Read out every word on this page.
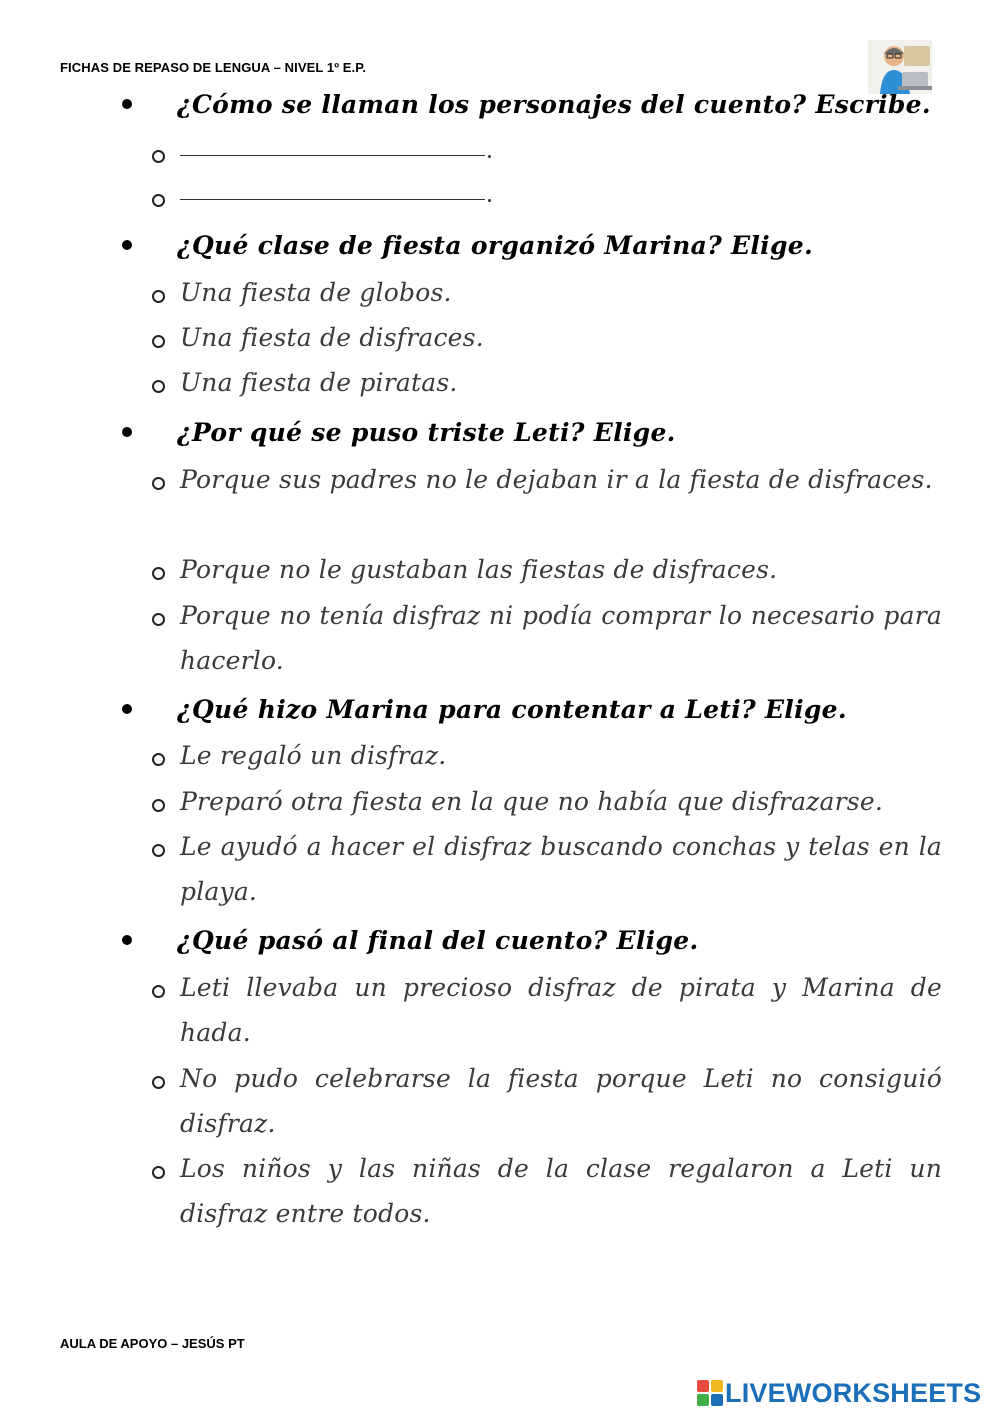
FICHAS DE REPASO DE LENGUA – NIVEL 1º E.P.
¿Cómo se llaman los personajes del cuento? Escribe.
¿Qué clase de fiesta organizó Marina? Elige.
Una fiesta de globos.
Una fiesta de disfraces.
Una fiesta de piratas.
¿Por qué se puso triste Leti? Elige.
Porque sus padres no le dejaban ir a la fiesta de disfraces.
Porque no le gustaban las fiestas de disfraces.
Porque no tenía disfraz ni podía comprar lo necesario para hacerlo.
¿Qué hizo Marina para contentar a Leti? Elige.
Le regaló un disfraz.
Preparó otra fiesta en la que no había que disfrazarse.
Le ayudó a hacer el disfraz buscando conchas y telas en la playa.
¿Qué pasó al final del cuento? Elige.
Leti llevaba un precioso disfraz de pirata y Marina de hada.
No pudo celebrarse la fiesta porque Leti no consiguió disfraz.
Los niños y las niñas de la clase regalaron a Leti un disfraz entre todos.
AULA DE APOYO – JESÚS PT
LIVEWORKSHEETS
